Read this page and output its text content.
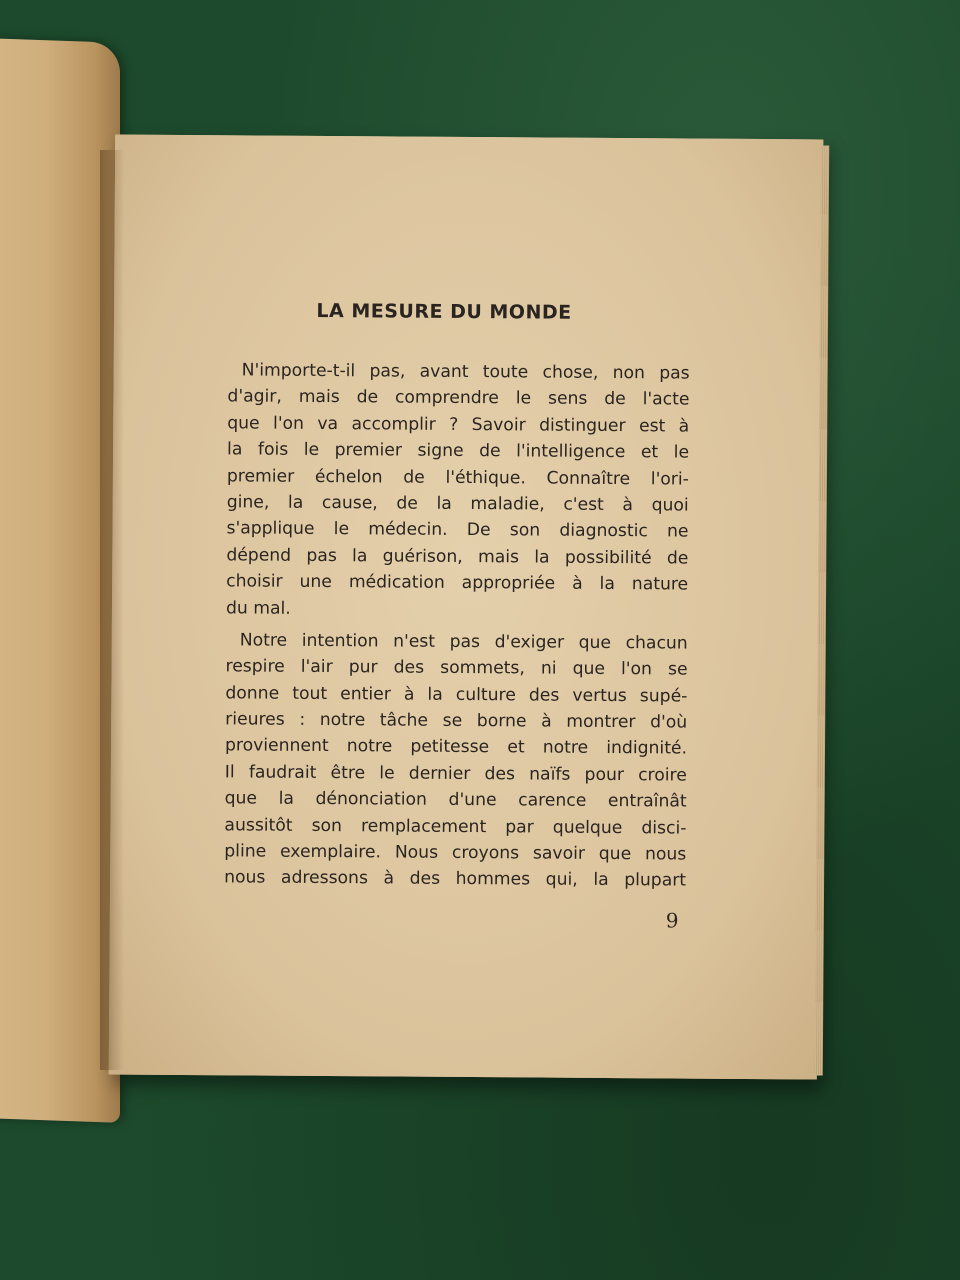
LA MESURE DU MONDE
N'importe-t-il pas, avant toute chose, non pas
d'agir, mais de comprendre le sens de l'acte
que l'on va accomplir ? Savoir distinguer est à
la fois le premier signe de l'intelligence et le
premier échelon de l'éthique. Connaître l'ori-
gine, la cause, de la maladie, c'est à quoi
s'applique le médecin. De son diagnostic ne
dépend pas la guérison, mais la possibilité de
choisir une médication appropriée à la nature
du mal.
Notre intention n'est pas d'exiger que chacun
respire l'air pur des sommets, ni que l'on se
donne tout entier à la culture des vertus supé-
rieures : notre tâche se borne à montrer d'où
proviennent notre petitesse et notre indignité.
Il faudrait être le dernier des naïfs pour croire
que la dénonciation d'une carence entraînât
aussitôt son remplacement par quelque disci-
pline exemplaire. Nous croyons savoir que nous
nous adressons à des hommes qui, la plupart
9
